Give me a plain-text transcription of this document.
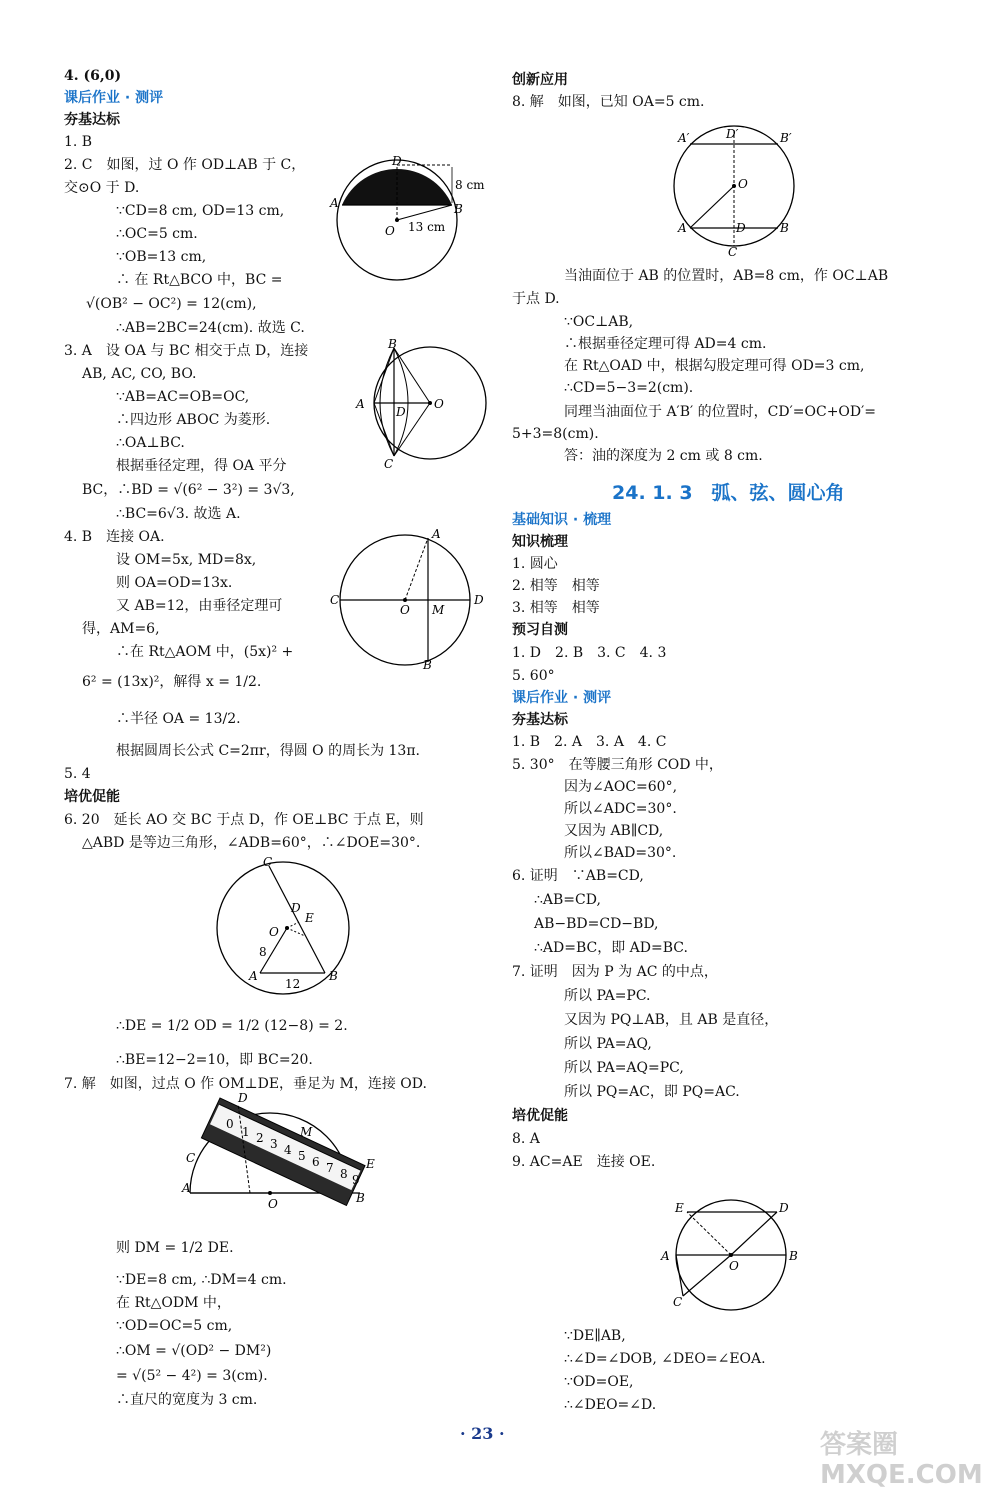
4. (6,0)
课后作业 · 测评
夯基达标
1. B
2. C　如图，过 O 作 OD⊥AB 于 C，
交⊙O 于 D.
∵CD=8 cm, OD=13 cm,
∴OC=5 cm.
∵OB=13 cm,
∴ 在 Rt△BCO 中，BC =
√(OB² − OC²) = 12(cm),
∴AB=2BC=24(cm). 故选 C.
3. A　设 OA 与 BC 相交于点 D，连接
AB, AC, CO, BO.
∵AB=AC=OB=OC,
∴四边形 ABOC 为菱形.
∴OA⊥BC.
根据垂径定理，得 OA 平分
BC，∴BD = √(6² − 3²) = 3√3,
∴BC=6√3. 故选 A.
4. B　连接 OA.
设 OM=5x, MD=8x,
则 OA=OD=13x.
又 AB=12，由垂径定理可
得，AM=6,
∴在 Rt△AOM 中，(5x)² +
6² = (13x)²，解得 x = 1/2.
∴半径 OA = 13/2.
根据圆周长公式 C=2πr，得圆 O 的周长为 13π.
5. 4
培优促能
6. 20　延长 AO 交 BC 于点 D，作 OE⊥BC 于点 E，则
△ABD 是等边三角形，∠ADB=60°，∴∠DOE=30°.
∴DE = 1/2 OD = 1/2 (12−8) = 2.
∴BE=12−2=10，即 BC=20.
7. 解　如图，过点 O 作 OM⊥DE，垂足为 M，连接 OD.
则 DM = 1/2 DE.
∵DE=8 cm, ∴DM=4 cm.
在 Rt△ODM 中，
∵OD=OC=5 cm,
∴OM = √(OD² − DM²)
= √(5² − 4²) = 3(cm).
∴直尺的宽度为 3 cm.
创新应用
8. 解　如图，已知 OA=5 cm.
当油面位于 AB 的位置时，AB=8 cm，作 OC⊥AB
于点 D.
∵OC⊥AB,
∴根据垂径定理可得 AD=4 cm.
在 Rt△OAD 中，根据勾股定理可得 OD=3 cm,
∴CD=5−3=2(cm).
同理当油面位于 A′B′ 的位置时，CD′=OC+OD′=
5+3=8(cm).
答：油的深度为 2 cm 或 8 cm.
24. 1. 3　弧、弦、圆心角
基础知识 · 梳理
知识梳理
1. 圆心
2. 相等　相等
3. 相等　相等
预习自测
1. D　2. B　3. C　4. 3
5. 60°
课后作业 · 测评
夯基达标
1. B　2. A　3. A　4. C
5. 30°　在等腰三角形 COD 中，
因为∠AOC=60°,
所以∠ADC=30°.
又因为 AB∥CD,
所以∠BAD=30°.
6. 证明　∵AB=CD,
∴AB=CD,
AB−BD=CD−BD,
∴AD=BC，即 AD=BC.
7. 证明　因为 P 为 AC 的中点，
所以 PA=PC.
又因为 PQ⊥AB，且 AB 是直径，
所以 PA=AQ,
所以 PA=AQ=PC,
所以 PQ=AC，即 PQ=AC.
培优促能
8. A
9. AC=AE　连接 OE.
∵DE∥AB,
∴∠D=∠DOB, ∠DEO=∠EOA.
∵OD=OE,
∴∠DEO=∠D.
D
A	B
O
8 cm
13 cm
B
A
D
O
C
A
C
O M
D
B
C
D
E
O
A	B
8
12
D
M
C	E
A
O	B
0
1 2 3 4 5 6 7 8 9
A′	D′	B′
O
A	D	B
C
E	D
A
O
B
C
· 23 ·	答案圈 MXQE.COM
